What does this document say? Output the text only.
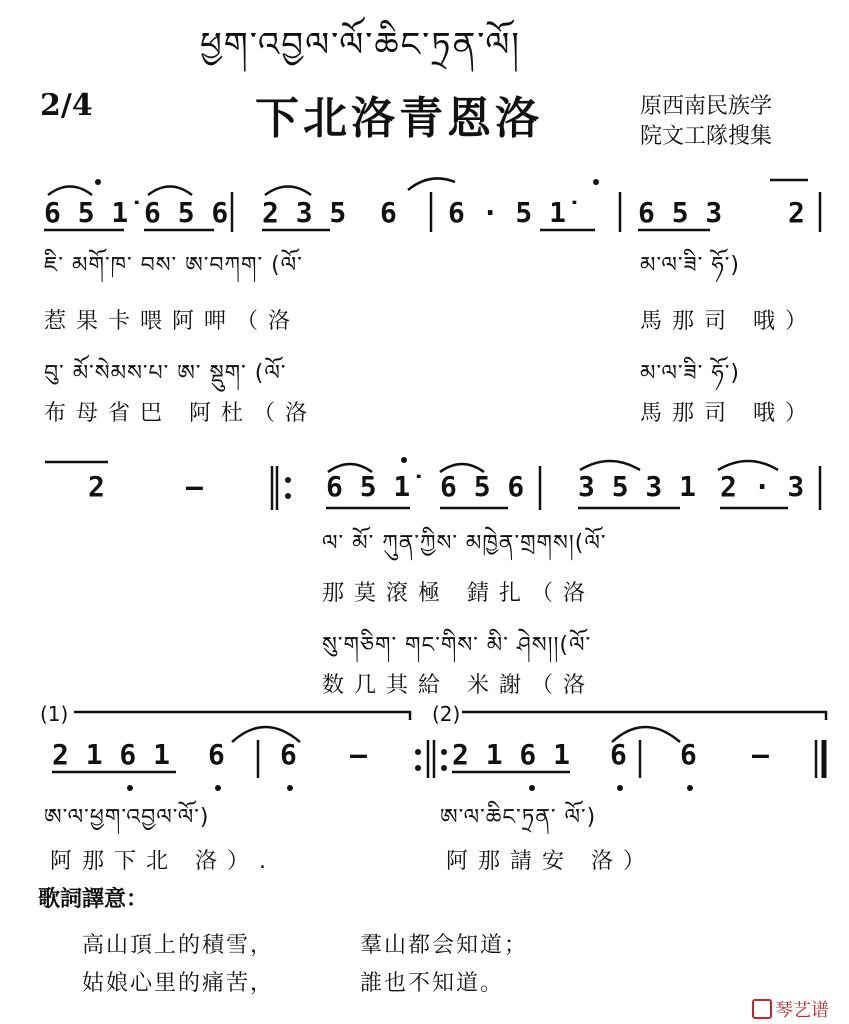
ཕྱག་འབྱལ་ལོ་ཆིང་ཏྲན་ལོ།
2/4	下北洛青恩洛	原西南民族学
院文工隊搜集
6 5 1̇ 6 5 6 2 3 5 6 6 · 5 1̇	6 5 3 2
ཇི་ མགོ་ཁ་ བས་ ཨ་བཀག་ (ལོ་	མ་ལ་ཟི་ ཧོ་)
惹果卡喂阿呷（洛	馬那司 哦）
བུ་ མོ་སེམས་པ་ ཨ་ སྡུག་ (ལོ་	མ་ལ་ཟི་ ཧོ་)
布母省巴 阿杜（洛	馬那司 哦）
2	—	6 5 1̇ 6 5 6 3 5 3 1 2 · 3
ལ་ མོ་ ཀུན་ཀྱིས་ མཁྱེན་གྲགས།(ལོ་
那莫滾極 錆扎（洛
སུ་གཅིག་ གང་གིས་ མི་ ཤེས།།(ལོ་
数几其給 米謝（洛
(1)	(2)
2 1 6 1 6 6 —	2 1 6 1 6 6 —
ཨ་ལ་ཕྱག་འབྱལ་ལོ་)	ཨ་ལ་ཆིང་ཏྲན་ ལོ་)
阿那下北 洛）.	阿那請安 洛）
歌詞譯意：
高山頂上的積雪，	羣山都会知道；
姑娘心里的痛苦，	誰也不知道。
琴艺谱
